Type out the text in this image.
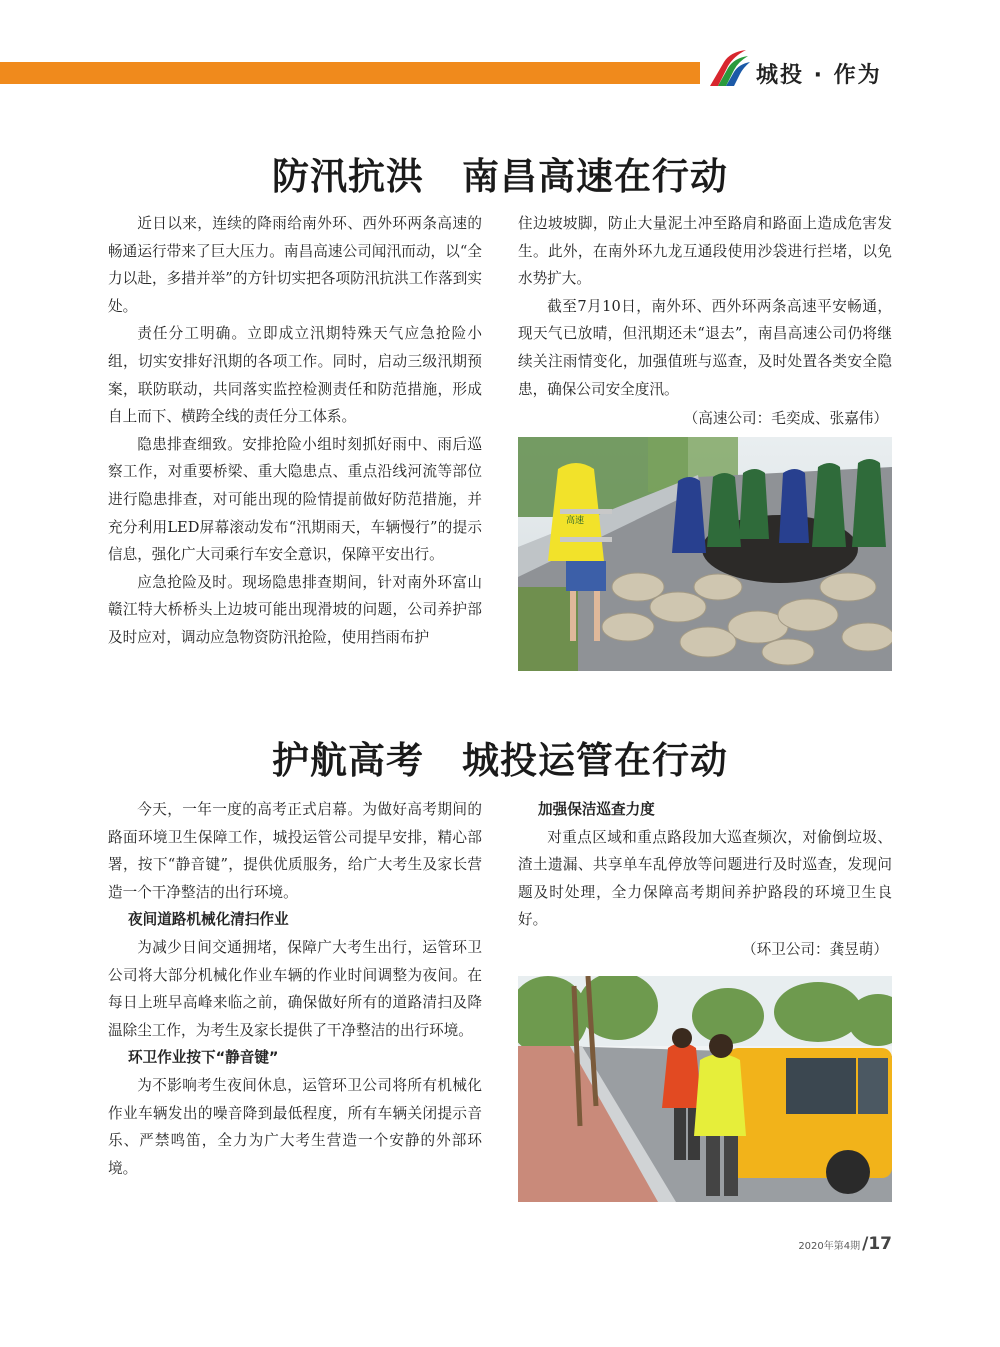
城投 · 作为
防汛抗洪　南昌高速在行动

近日以来，连续的降雨给南外环、西外环两条高速的畅通运行带来了巨大压力。南昌高速公司闻汛而动，以“全力以赴，多措并举”的方针切实把各项防汛抗洪工作落到实处。

责任分工明确。立即成立汛期特殊天气应急抢险小组，切实安排好汛期的各项工作。同时，启动三级汛期预案，联防联动，共同落实监控检测责任和防范措施，形成自上而下、横跨全线的责任分工体系。

隐患排查细致。安排抢险小组时刻抓好雨中、雨后巡察工作，对重要桥梁、重大隐患点、重点沿线河流等部位进行隐患排查，对可能出现的险情提前做好防范措施，并充分利用LED屏幕滚动发布“汛期雨天，车辆慢行”的提示信息，强化广大司乘行车安全意识，保障平安出行。

应急抢险及时。现场隐患排查期间，针对南外环富山赣江特大桥桥头上边坡可能出现滑坡的问题，公司养护部及时应对，调动应急物资防汛抢险，使用挡雨布护

住边坡坡脚，防止大量泥土冲至路肩和路面上造成危害发生。此外，在南外环九龙互通段使用沙袋进行拦堵，以免水势扩大。

截至7月10日，南外环、西外环两条高速平安畅通，现天气已放晴，但汛期还未“退去”，南昌高速公司仍将继续关注雨情变化，加强值班与巡查，及时处置各类安全隐患，确保公司安全度汛。

（高速公司：毛奕成、张嘉伟）

高速
护航高考　城投运管在行动

今天，一年一度的高考正式启幕。为做好高考期间的路面环境卫生保障工作，城投运管公司提早安排，精心部署，按下“静音键”，提供优质服务，给广大考生及家长营造一个干净整洁的出行环境。

夜间道路机械化清扫作业

为减少日间交通拥堵，保障广大考生出行，运管环卫公司将大部分机械化作业车辆的作业时间调整为夜间。在每日上班早高峰来临之前，确保做好所有的道路清扫及降温除尘工作，为考生及家长提供了干净整洁的出行环境。

环卫作业按下“静音键”

为不影响考生夜间休息，运管环卫公司将所有机械化作业车辆发出的噪音降到最低程度，所有车辆关闭提示音乐、严禁鸣笛，全力为广大考生营造一个安静的外部环境。

加强保洁巡查力度

对重点区域和重点路段加大巡查频次，对偷倒垃圾、渣土遗漏、共享单车乱停放等问题进行及时巡查，发现问题及时处理，全力保障高考期间养护路段的环境卫生良好。

（环卫公司：龚昱萌）

2020年第4期 /17
